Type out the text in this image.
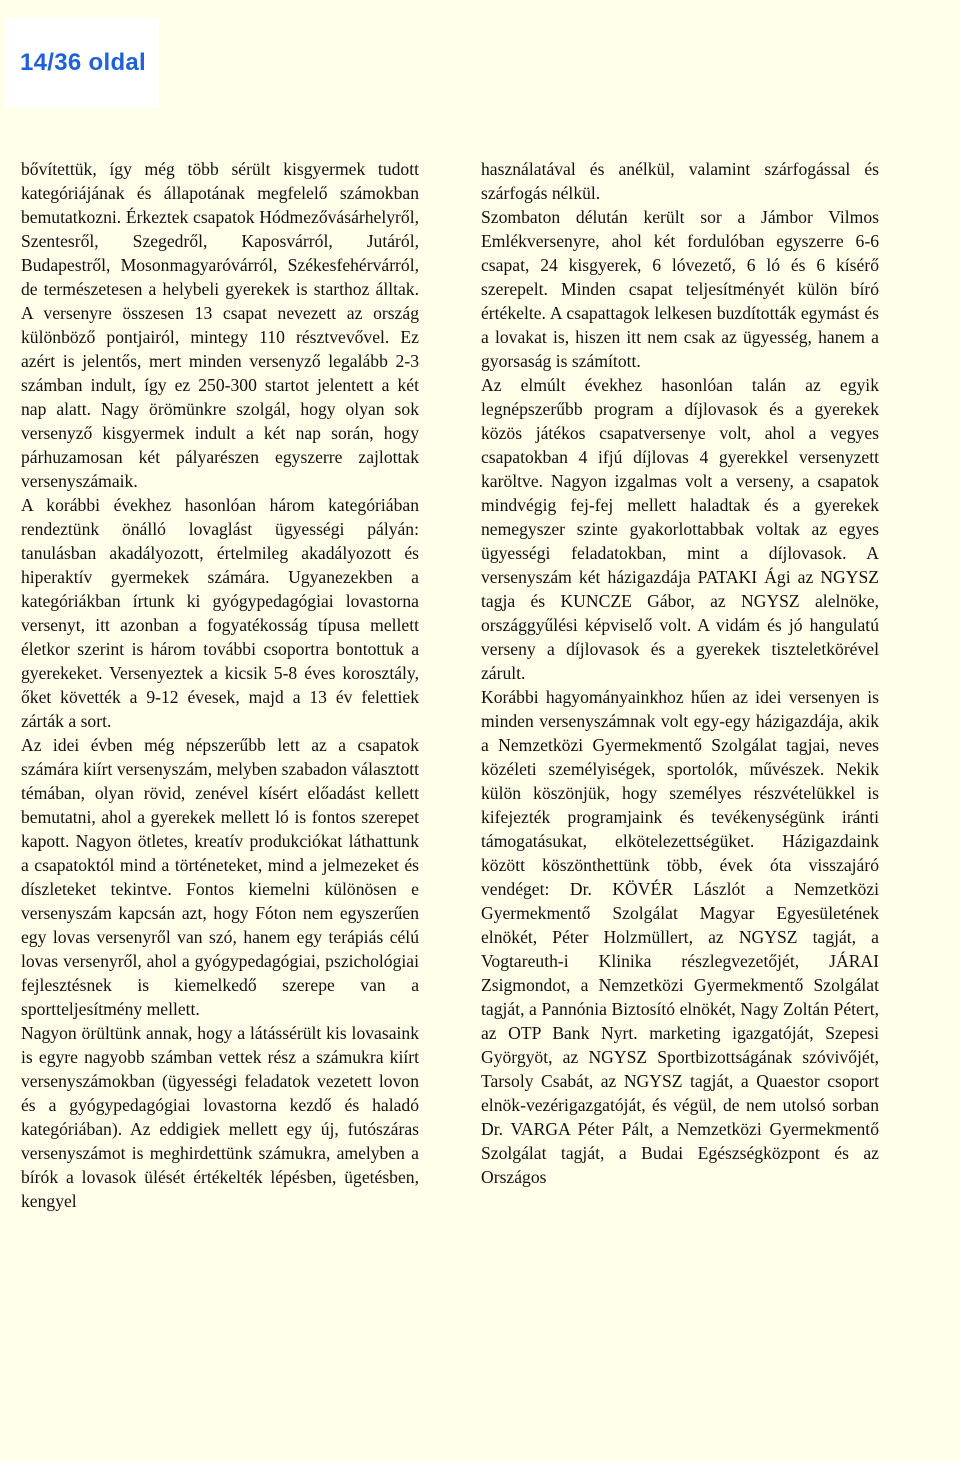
14/36 oldal

bővítettük, így még több sérült kisgyermek tudott kategóriájának és állapotának megfelelő számokban bemutatkozni. Érkeztek csapatok Hódmezővásárhelyről, Szentesről, Szegedről, Kaposvárról, Jutáról, Budapestről, Mosonmagyaróvárról, Székesfehérvárról, de természetesen a helybeli gyerekek is starthoz álltak. A versenyre összesen 13 csapat nevezett az ország különböző pontjairól, mintegy 110 résztvevővel. Ez azért is jelentős, mert minden versenyző legalább 2-3 számban indult, így ez 250-300 startot jelentett a két nap alatt. Nagy örömünkre szolgál, hogy olyan sok versenyző kisgyermek indult a két nap során, hogy párhuzamosan két pályarészen egyszerre zajlottak versenyszámaik.

A korábbi évekhez hasonlóan három kategóriában rendeztünk önálló lovaglást ügyességi pályán: tanulásban akadályozott, értelmileg akadályozott és hiperaktív gyermekek számára. Ugyanezekben a kategóriákban írtunk ki gyógypedagógiai lovastorna versenyt, itt azonban a fogyatékosság típusa mellett életkor szerint is három további csoportra bontottuk a gyerekeket. Versenyeztek a kicsik 5-8 éves korosztály, őket követték a 9-12 évesek, majd a 13 év felettiek zárták a sort.

Az idei évben még népszerűbb lett az a csapatok számára kiírt versenyszám, melyben szabadon választott témában, olyan rövid, zenével kísért előadást kellett bemutatni, ahol a gyerekek mellett ló is fontos szerepet kapott. Nagyon ötletes, kreatív produkciókat láthattunk a csapatoktól mind a történeteket, mind a jelmezeket és díszleteket tekintve. Fontos kiemelni különösen e versenyszám kapcsán azt, hogy Fóton nem egyszerűen egy lovas versenyről van szó, hanem egy terápiás célú lovas versenyről, ahol a gyógypedagógiai, pszichológiai fejlesztésnek is kiemelkedő szerepe van a sportteljesítmény mellett.

Nagyon örültünk annak, hogy a látássérült kis lovasaink is egyre nagyobb számban vettek rész a számukra kiírt versenyszámokban (ügyességi feladatok vezetett lovon és a gyógypedagógiai lovastorna kezdő és haladó kategóriában). Az eddigiek mellett egy új, futószáras versenyszámot is meghirdettünk számukra, amelyben a bírók a lovasok ülését értékelték lépésben, ügetésben, kengyel

használatával és anélkül, valamint szárfogással és szárfogás nélkül.

Szombaton délután került sor a Jámbor Vilmos Emlékversenyre, ahol két fordulóban egyszerre 6-6 csapat, 24 kisgyerek, 6 lóvezető, 6 ló és 6 kísérő szerepelt. Minden csapat teljesítményét külön bíró értékelte. A csapattagok lelkesen buzdították egymást és a lovakat is, hiszen itt nem csak az ügyesség, hanem a gyorsaság is számított.

Az elmúlt évekhez hasonlóan talán az egyik legnépszerűbb program a díjlovasok és a gyerekek közös játékos csapatversenye volt, ahol a vegyes csapatokban 4 ifjú díjlovas 4 gyerekkel versenyzett karöltve. Nagyon izgalmas volt a verseny, a csapatok mindvégig fej-fej mellett haladtak és a gyerekek nemegyszer szinte gyakorlottabbak voltak az egyes ügyességi feladatokban, mint a díjlovasok. A versenyszám két házigazdája PATAKI Ági az NGYSZ tagja és KUNCZE Gábor, az NGYSZ alelnöke, országgyűlési képviselő volt. A vidám és jó hangulatú verseny a díjlovasok és a gyerekek tiszteletkörével zárult.

Korábbi hagyományainkhoz hűen az idei versenyen is minden versenyszámnak volt egy-egy házigazdája, akik a Nemzetközi Gyermekmentő Szolgálat tagjai, neves közéleti személyiségek, sportolók, művészek. Nekik külön köszönjük, hogy személyes részvételükkel is kifejezték programjaink és tevékenységünk iránti támogatásukat, elkötelezettségüket. Házigazdaink között köszönthettünk több, évek óta visszajáró vendéget: Dr. KÖVÉR Lászlót a Nemzetközi Gyermekmentő Szolgálat Magyar Egyesületének elnökét, Péter Holzmüllert, az NGYSZ tagját, a Vogtareuth-i Klinika részlegvezetőjét, JÁRAI Zsigmondot, a Nemzetközi Gyermekmentő Szolgálat tagját, a Pannónia Biztosító elnökét, Nagy Zoltán Pétert, az OTP Bank Nyrt. marketing igazgatóját, Szepesi Györgyöt, az NGYSZ Sportbizottságának szóvivőjét, Tarsoly Csabát, az NGYSZ tagját, a Quaestor csoport elnök-vezérigazgatóját, és végül, de nem utolsó sorban Dr. VARGA Péter Pált, a Nemzetközi Gyermekmentő Szolgálat tagját, a Budai Egészségközpont és az Országos
